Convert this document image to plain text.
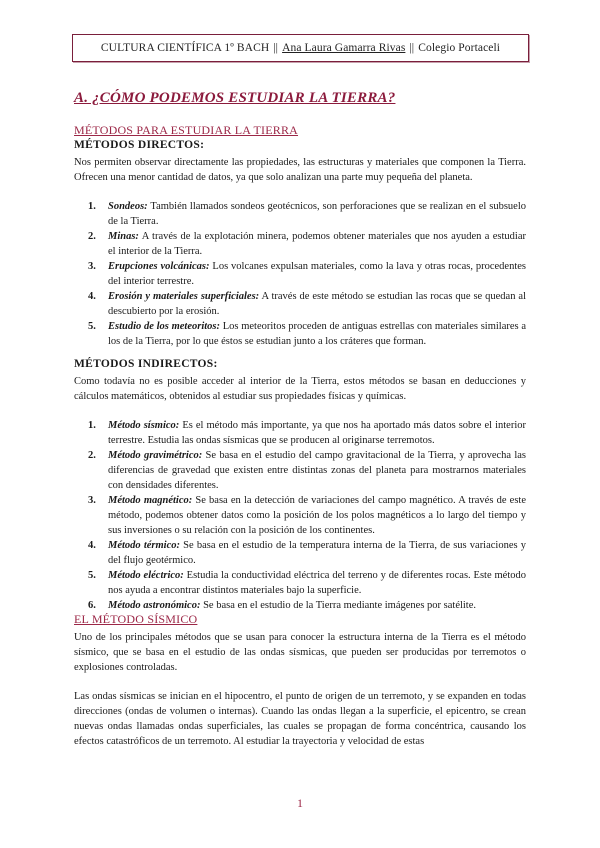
CULTURA CIENTÍFICA 1º BACH || Ana Laura Gamarra Rivas || Colegio Portaceli
A. ¿CÓMO PODEMOS ESTUDIAR LA TIERRA?
MÉTODOS PARA ESTUDIAR LA TIERRA
MÉTODOS DIRECTOS:

Nos permiten observar directamente las propiedades, las estructuras y materiales que componen la Tierra. Ofrecen una menor cantidad de datos, ya que solo analizan una parte muy pequeña del planeta.

1. Sondeos: También llamados sondeos geotécnicos, son perforaciones que se realizan en el subsuelo de la Tierra.
2. Minas: A través de la explotación minera, podemos obtener materiales que nos ayuden a estudiar el interior de la Tierra.
3. Erupciones volcánicas: Los volcanes expulsan materiales, como la lava y otras rocas, procedentes del interior terrestre.
4. Erosión y materiales superficiales: A través de este método se estudian las rocas que se quedan al descubierto por la erosión.
5. Estudio de los meteoritos: Los meteoritos proceden de antiguas estrellas con materiales similares a los de la Tierra, por lo que éstos se estudian junto a los cráteres que forman.
MÉTODOS INDIRECTOS:

Como todavía no es posible acceder al interior de la Tierra, estos métodos se basan en deducciones y cálculos matemáticos, obtenidos al estudiar sus propiedades físicas y químicas.

1. Método sísmico: Es el método más importante, ya que nos ha aportado más datos sobre el interior terrestre. Estudia las ondas sísmicas que se producen al originarse terremotos.
2. Método gravimétrico: Se basa en el estudio del campo gravitacional de la Tierra, y aprovecha las diferencias de gravedad que existen entre distintas zonas del planeta para mostrarnos materiales con densidades diferentes.
3. Método magnético: Se basa en la detección de variaciones del campo magnético. A través de este método, podemos obtener datos como la posición de los polos magnéticos a lo largo del tiempo y sus inversiones o su relación con la posición de los continentes.
4. Método térmico: Se basa en el estudio de la temperatura interna de la Tierra, de sus variaciones y del flujo geotérmico.
5. Método eléctrico: Estudia la conductividad eléctrica del terreno y de diferentes rocas. Este método nos ayuda a encontrar distintos materiales bajo la superficie.
6. Método astronómico: Se basa en el estudio de la Tierra mediante imágenes por satélite.
EL MÉTODO SÍSMICO

Uno de los principales métodos que se usan para conocer la estructura interna de la Tierra es el método sísmico, que se basa en el estudio de las ondas sísmicas, que pueden ser producidas por terremotos o explosiones controladas.

Las ondas sísmicas se inician en el hipocentro, el punto de origen de un terremoto, y se expanden en todas direcciones (ondas de volumen o internas). Cuando las ondas llegan a la superficie, el epicentro, se crean nuevas ondas llamadas ondas superficiales, las cuales se propagan de forma concéntrica, causando los efectos catastróficos de un terremoto. Al estudiar la trayectoria y velocidad de estas

1
